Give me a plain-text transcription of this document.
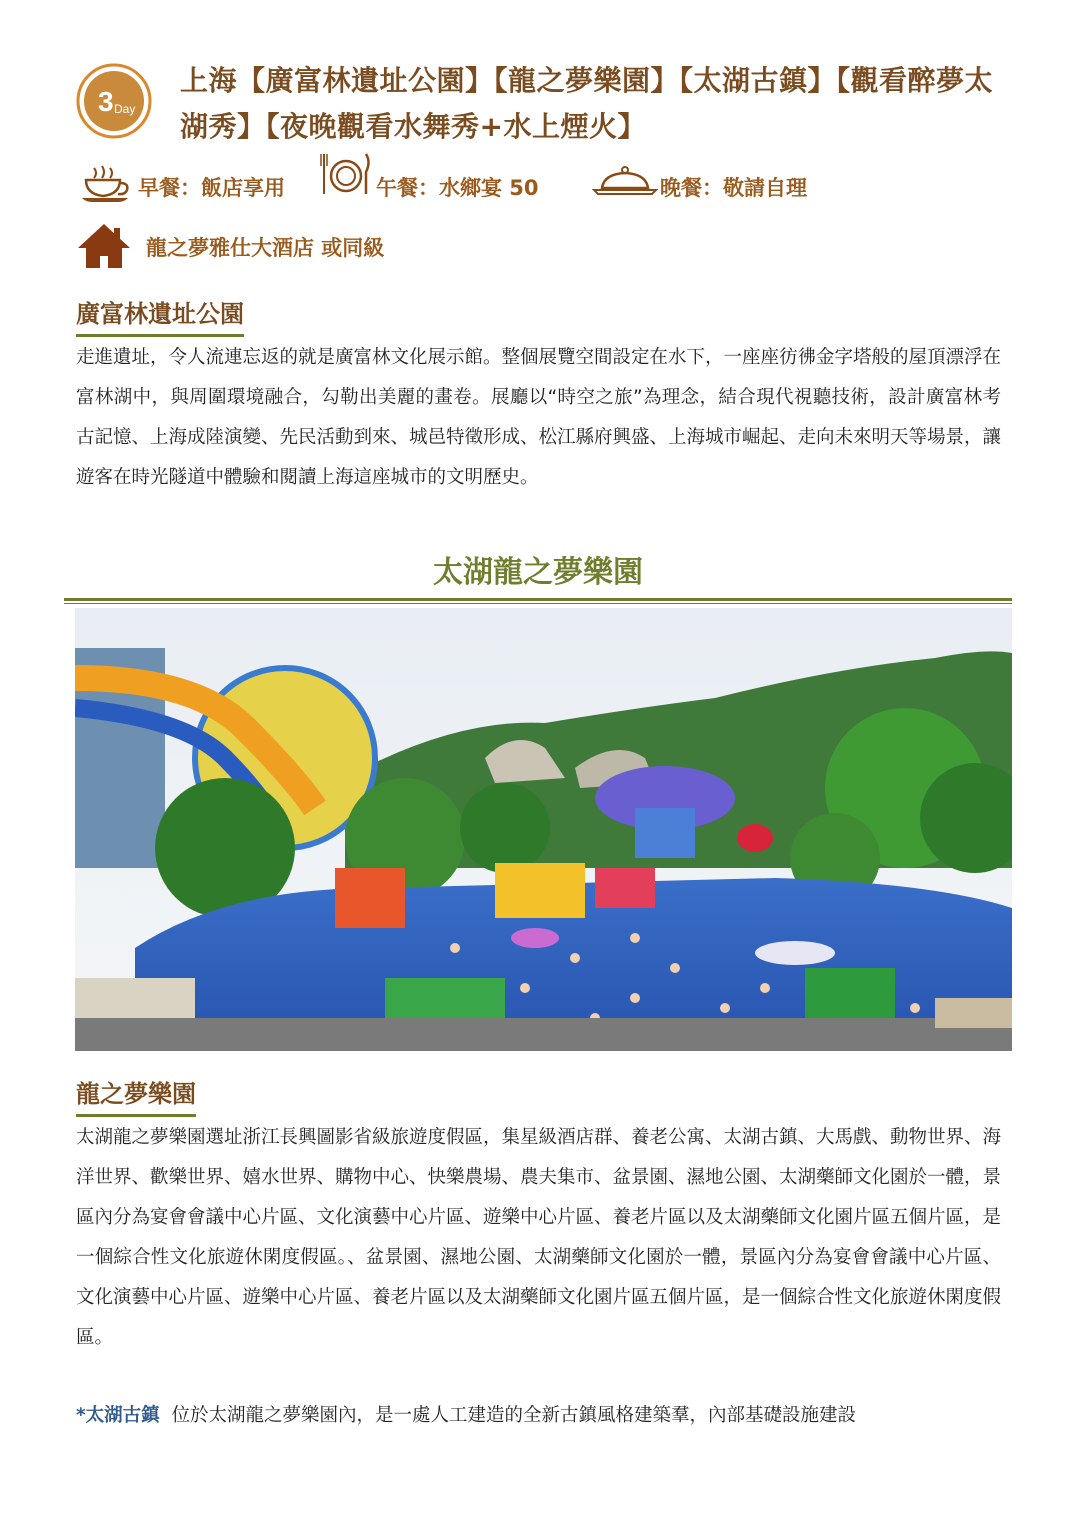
3 Day
上海【廣富林遺址公園】【龍之夢樂園】【太湖古鎮】【觀看醉夢太湖秀】【夜晚觀看水舞秀+水上煙火】
早餐：飯店享用	午餐：水鄉宴 50	晚餐：敬請自理
龍之夢雅仕大酒店 或同級
廣富林遺址公園
走進遺址，令人流連忘返的就是廣富林文化展示館。整個展覽空間設定在水下，一座座彷彿金字塔般的屋頂漂浮在富林湖中，與周圍環境融合，勾勒出美麗的畫卷。展廳以“時空之旅”為理念，結合現代視聽技術，設計廣富林考古記憶、上海成陸演變、先民活動到來、城邑特徵形成、松江縣府興盛、上海城市崛起、走向未來明天等場景，讓遊客在時光隧道中體驗和閱讀上海這座城市的文明歷史。
太湖龍之夢樂園
龍之夢樂園
太湖龍之夢樂園選址浙江長興圖影省級旅遊度假區，集星級酒店群、養老公寓、太湖古鎮、大馬戲、動物世界、海洋世界、歡樂世界、嬉水世界、購物中心、快樂農場、農夫集市、盆景園、濕地公園、太湖藥師文化園於一體，景區內分為宴會會議中心片區、文化演藝中心片區、遊樂中心片區、養老片區以及太湖藥師文化園片區五個片區，是一個綜合性文化旅遊休閑度假區。、盆景園、濕地公園、太湖藥師文化園於一體，景區內分為宴會會議中心片區、文化演藝中心片區、遊樂中心片區、養老片區以及太湖藥師文化園片區五個片區，是一個綜合性文化旅遊休閑度假區。
*太湖古鎮 位於太湖龍之夢樂園內，是一處人工建造的全新古鎮風格建築羣，內部基礎設施建設
